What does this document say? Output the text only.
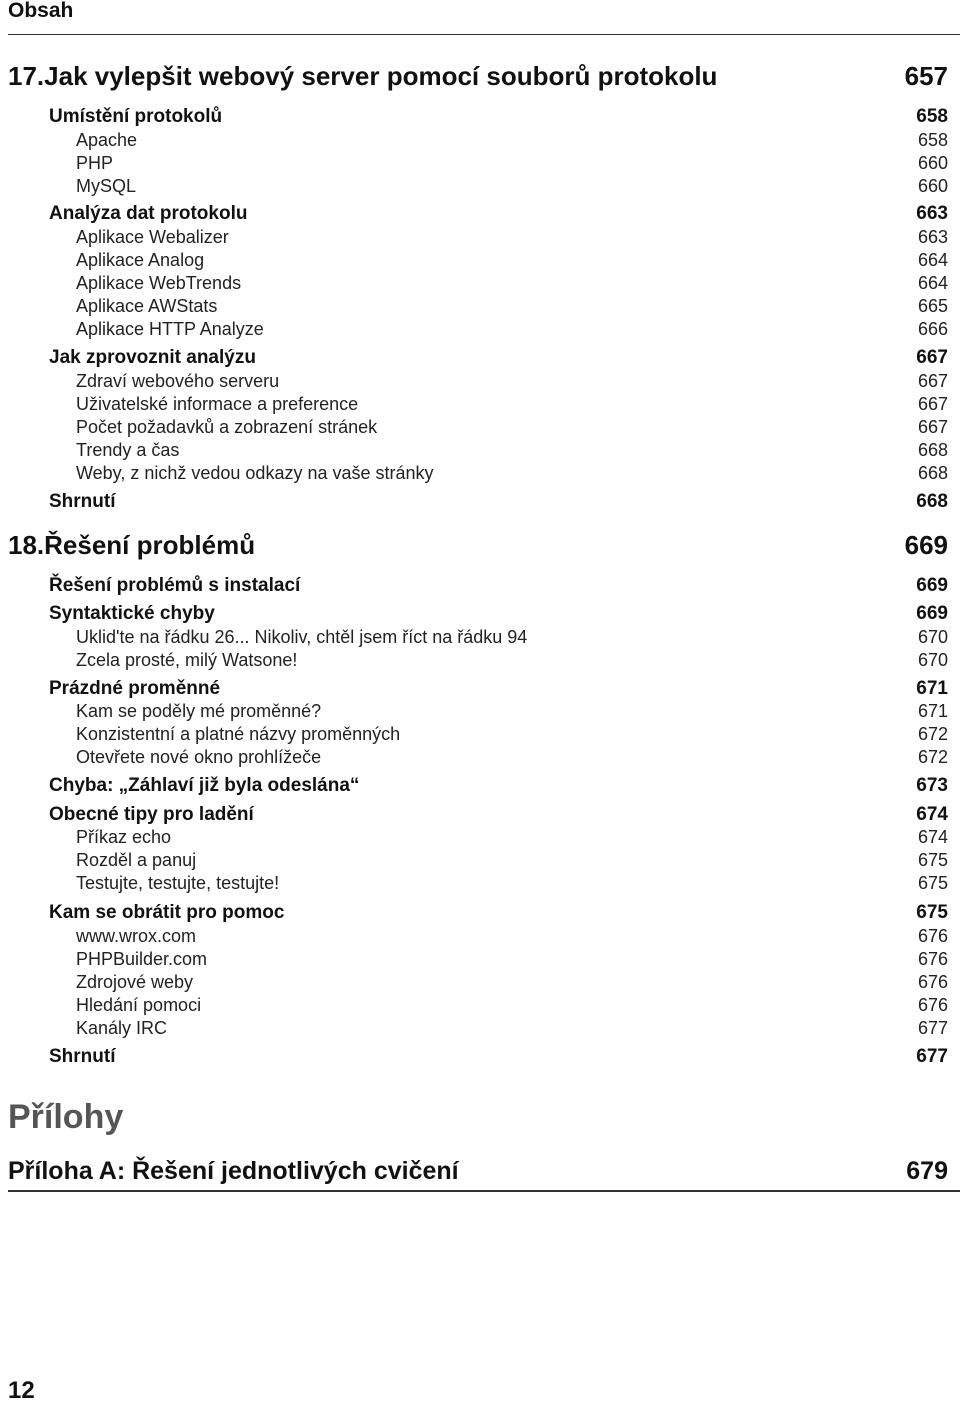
Obsah
17.Jak vylepšit webový server pomocí souborů protokolu	657
Umístění protokolů	658
Apache	658
PHP	660
MySQL	660
Analýza dat protokolu	663
Aplikace Webalizer	663
Aplikace Analog	664
Aplikace WebTrends	664
Aplikace AWStats	665
Aplikace HTTP Analyze	666
Jak zprovoznit analýzu	667
Zdraví webového serveru	667
Uživatelské informace a preference	667
Počet požadavků a zobrazení stránek	667
Trendy a čas	668
Weby, z nichž vedou odkazy na vaše stránky	668
Shrnutí	668
18.Řešení problémů	669
Řešení problémů s instalací	669
Syntaktické chyby	669
Uklid'te na řádku 26... Nikoliv, chtěl jsem říct na řádku 94	670
Zcela prosté, milý Watsone!	670
Prázdné proměnné	671
Kam se poděly mé proměnné?	671
Konzistentní a platné názvy proměnných	672
Otevřete nové okno prohlížeče	672
Chyba: „Záhlaví již byla odeslána“	673
Obecné tipy pro ladění	674
Příkaz echo	674
Rozděl a panuj	675
Testujte, testujte, testujte!	675
Kam se obrátit pro pomoc	675
www.wrox.com	676
PHPBuilder.com	676
Zdrojové weby	676
Hledání pomoci	676
Kanály IRC	677
Shrnutí	677
Přílohy
Příloha A: Řešení jednotlivých cvičení	679
12
